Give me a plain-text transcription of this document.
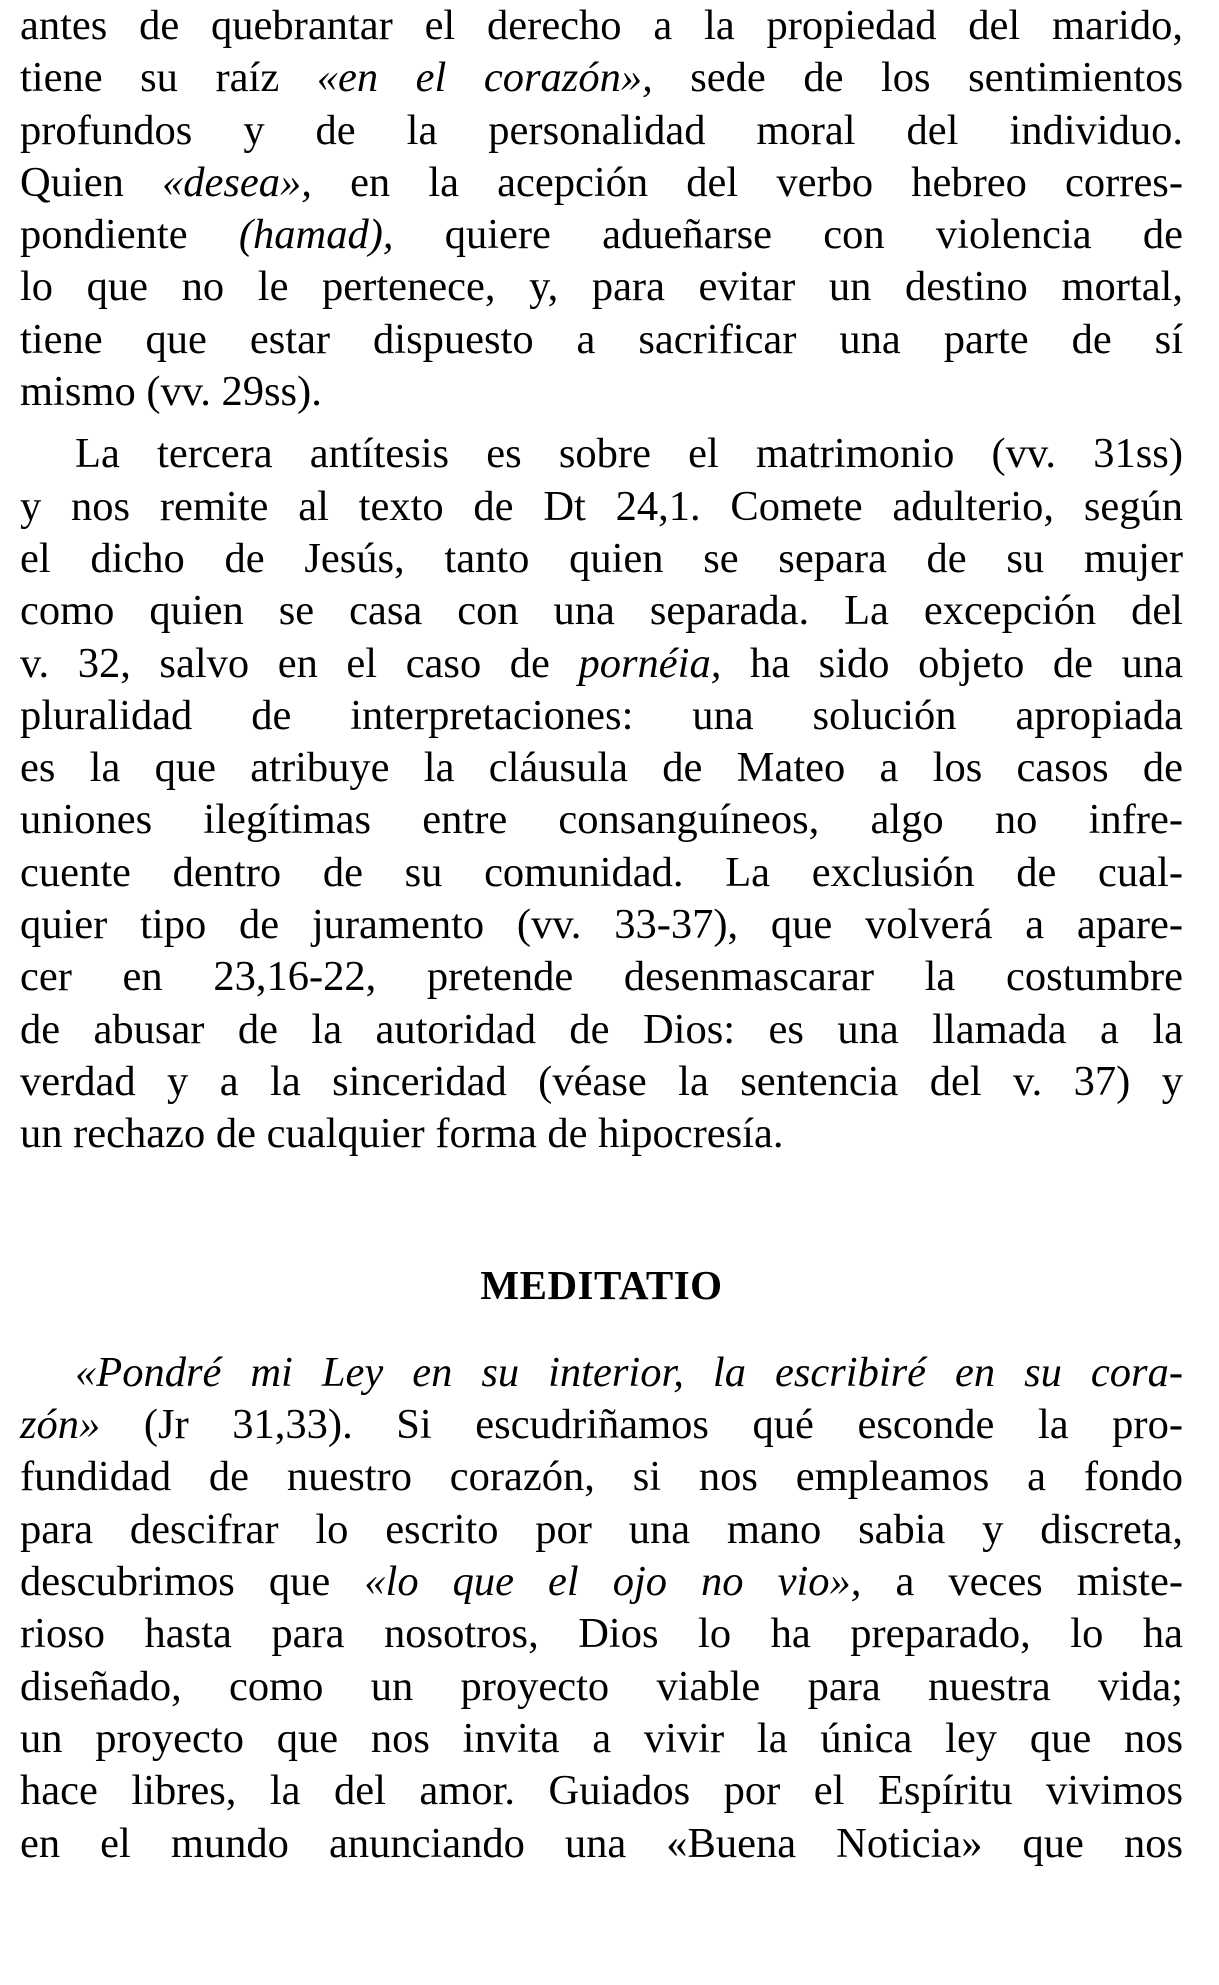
antes de quebrantar el derecho a la propiedad del marido,
tiene su raíz «en el corazón», sede de los sentimientos
profundos y de la personalidad moral del individuo.
Quien «desea», en la acepción del verbo hebreo corres-
pondiente (hamad), quiere adueñarse con violencia de
lo que no le pertenece, y, para evitar un destino mortal,
tiene que estar dispuesto a sacrificar una parte de sí
mismo (vv. 29ss).
La tercera antítesis es sobre el matrimonio (vv. 31ss)
y nos remite al texto de Dt 24,1. Comete adulterio, según
el dicho de Jesús, tanto quien se separa de su mujer
como quien se casa con una separada. La excepción del
v. 32, salvo en el caso de pornéia, ha sido objeto de una
pluralidad de interpretaciones: una solución apropiada
es la que atribuye la cláusula de Mateo a los casos de
uniones ilegítimas entre consanguíneos, algo no infre-
cuente dentro de su comunidad. La exclusión de cual-
quier tipo de juramento (vv. 33-37), que volverá a apare-
cer en 23,16-22, pretende desenmascarar la costumbre
de abusar de la autoridad de Dios: es una llamada a la
verdad y a la sinceridad (véase la sentencia del v. 37) y
un rechazo de cualquier forma de hipocresía.
MEDITATIO
«Pondré mi Ley en su interior, la escribiré en su cora-
zón» (Jr 31,33). Si escudriñamos qué esconde la pro-
fundidad de nuestro corazón, si nos empleamos a fondo
para descifrar lo escrito por una mano sabia y discreta,
descubrimos que «lo que el ojo no vio», a veces miste-
rioso hasta para nosotros, Dios lo ha preparado, lo ha
diseñado, como un proyecto viable para nuestra vida;
un proyecto que nos invita a vivir la única ley que nos
hace libres, la del amor. Guiados por el Espíritu vivimos
en el mundo anunciando una «Buena Noticia» que nos
